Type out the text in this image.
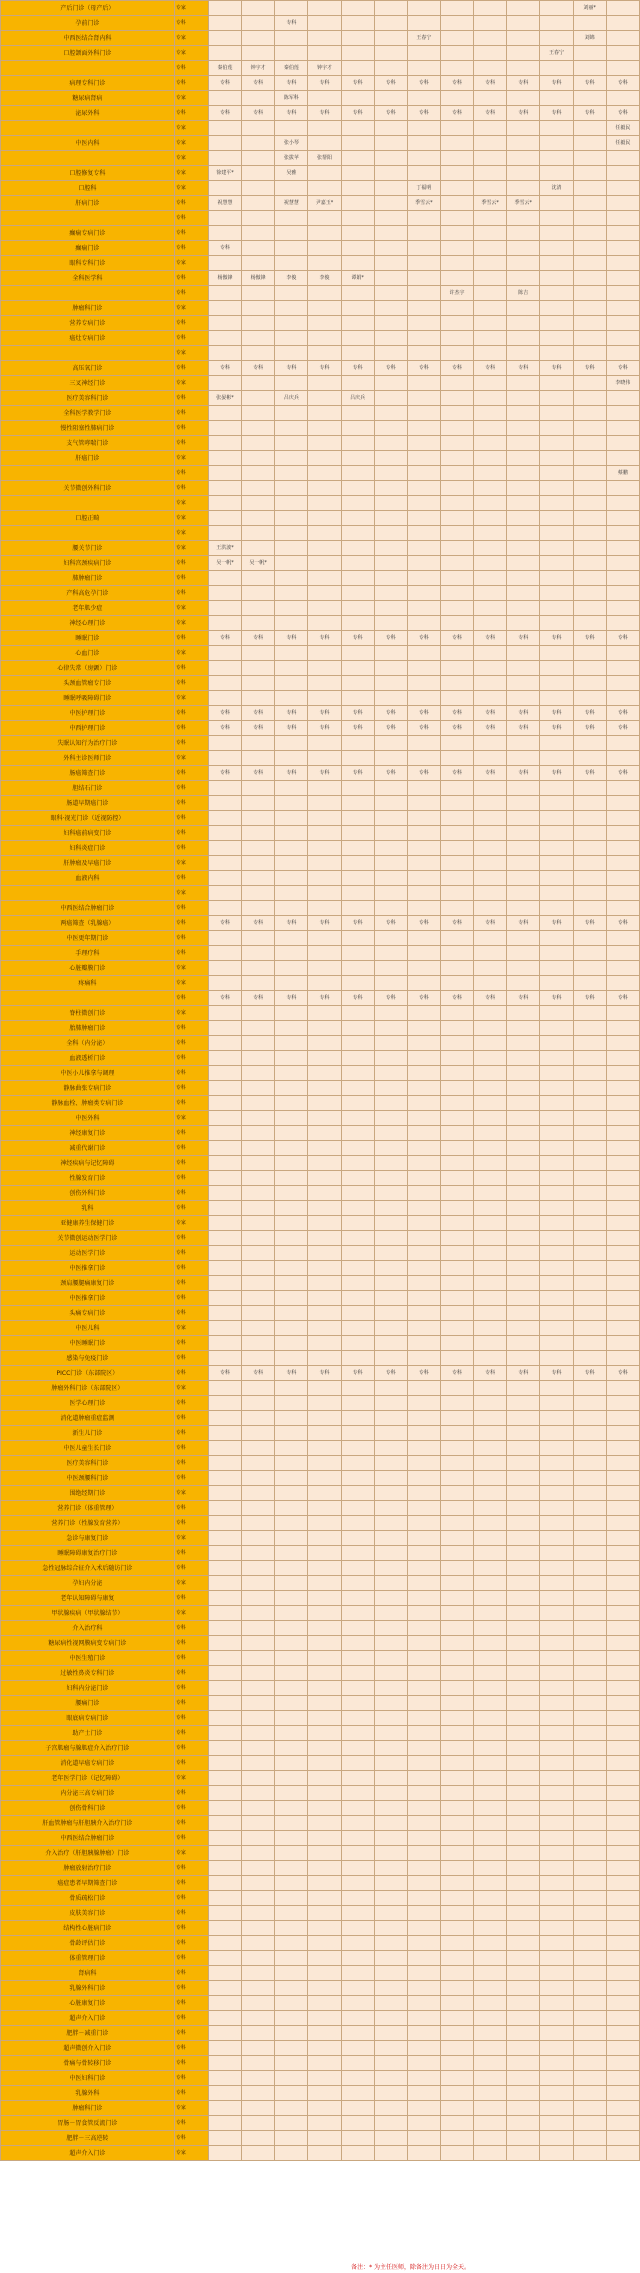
产后门诊（母产后）	专家												刘丽*	
孕前门诊	专科			专科										
中西医结合肾内科	专家							王春宁					刘锦	
口腔颌面外科门诊	专家											王春宁		
	专科	秦伯莲	钟宇才	秦伯莲	钟宇才									
病理专科门诊	专科	专科	专科	专科	专科	专科	专科	专科	专科	专科	专科	专科	专科	专科
糖尿病肾病	专家			陈军科										
泌尿外科	专科	专科	专科	专科	专科	专科	专科	专科	专科	专科	专科	专科	专科	专科
	专家													任毅民
中医内科	专家			张小琴										任毅民
	专家			张拔苹	张帮阳									
口腔修复专科	专家	徐建平*		吴雅										
口腔科	专家							丁福明				沈清		
肝病门诊	专科	祝慧慧		祝慧慧	尹嘉玉*			季雪云*		季雪云*	季雪云*			
	专科													
癫痫专病门诊	专科													
癫痫门诊	专科	专科												
眼科专科门诊	专家													
全科医学科	专科	杨傲锋	杨傲锋	李俊	李俊	谭娟*								
	专科								许杰宇		陈吉			
肿瘤科门诊	专家													
营养专病门诊	专科													
癌灶专病门诊	专科													
	专家													
高压氧门诊	专科	专科	专科	专科	专科	专科	专科	专科	专科	专科	专科	专科	专科	专科
三叉神经门诊	专家													李晓伟
医疗美容科门诊	专科	张晏彬*		吕庆兵		吕庆兵								
全科医学教学门诊	专科													
慢性阻塞性肺病门诊	专科													
支气管哮喘门诊	专科													
肝癌门诊	专家													
	专科													蔡鹏
关节微创外科门诊	专科													
	专家													
口腔正畸	专家													
	专家													
腰关节门诊	专家	王洪波*												
妇科宫颈疾病门诊	专科	吴一帆*	吴一帆*											
肺肿瘤门诊	专科													
产科高危孕门诊	专科													
老年肌少症	专家													
神经心理门诊	专家													
睡眠门诊	专科	专科	专科	专科	专科	专科	专科	专科	专科	专科	专科	专科	专科	专科
心血门诊	专家													
心律失常（房颤）门诊	专科													
头颈血管瘤专门诊	专科													
睡眠呼吸障碍门诊	专家													
中医护理门诊	专科	专科	专科	专科	专科	专科	专科	专科	专科	专科	专科	专科	专科	专科
中西护理门诊	专科	专科	专科	专科	专科	专科	专科	专科	专科	专科	专科	专科	专科	专科
失眠认知行为治疗门诊	专科													
外科主诊医师门诊	专家													
肠癌筛查门诊	专科	专科	专科	专科	专科	专科	专科	专科	专科	专科	专科	专科	专科	专科
胆结石门诊	专科													
肠道早期癌门诊	专科													
眼科·视光门诊（近视防控）	专科													
妇科癌前病变门诊	专科													
妇科炎症门诊	专科													
肝肿瘤及早癌门诊	专家													
血液内科	专科													
	专家													
中西医结合肿瘤门诊	专科													
两癌筛查（乳腺癌）	专科	专科	专科	专科	专科	专科	专科	专科	专科	专科	专科	专科	专科	专科
中医更年期门诊	专科													
手理疗科	专科													
心脏瓣膜门诊	专家													
疼痛科	专家													
	专科	专科	专科	专科	专科	专科	专科	专科	专科	专科	专科	专科	专科	专科
脊柱微创门诊	专家													
胎肺肿瘤门诊	专科													
全科（内分泌）	专科													
血液透析门诊	专科													
中医小儿推拿与调理	专科													
静脉曲张专病门诊	专科													
静脉血栓、肿瘤类专病门诊	专科													
中医外科	专家													
神经康复门诊	专科													
减重代谢门诊	专科													
神经疾病与记忆障碍	专科													
性腺发育门诊	专科													
创伤外科门诊	专科													
乳科	专科													
亚健康养生保健门诊	专家													
关节微创运动医学门诊	专科													
运动医学门诊	专科													
中医推拿门诊	专科													
颈肩腰腿痛康复门诊	专科													
中医推拿门诊	专科													
头痛专病门诊	专科													
中医儿科	专家													
中医睡眠门诊	专科													
感染与免疫门诊	专科													
PICC门诊（东部院区）	专科	专科	专科	专科	专科	专科	专科	专科	专科	专科	专科	专科	专科	专科
肿瘤外科门诊（东部院区）	专家													
医学心理门诊	专科													
消化道肿瘤重症监测	专科													
新生儿门诊	专科													
中医儿童生长门诊	专科													
医疗美容科门诊	专科													
中医颈腰科门诊	专科													
围绝经期门诊	专家													
营养门诊（体重管理）	专科													
营养门诊（性腺发育营养）	专科													
急诊与康复门诊	专家													
睡眠障碍康复治疗门诊	专科													
急性冠脉综合征介入术后随访门诊	专科													
孕妇内分泌	专家													
老年认知障碍与康复	专科													
甲状腺疾病（甲状腺结节）	专家													
介入治疗科	专科													
糖尿病性视网膜病变专病门诊	专科													
中医生殖门诊	专科													
过敏性鼻炎专科门诊	专科													
妇科内分泌门诊	专科													
腰痛门诊	专科													
眼底病专病门诊	专科													
助产士门诊	专科													
子宫肌瘤与腺肌症介入治疗门诊	专科													
消化道早癌专病门诊	专科													
老年医学门诊（记忆障碍）	专家													
内分泌三高专病门诊	专科													
创伤骨科门诊	专科													
肝血管肿瘤与肝胆胰介入治疗门诊	专科													
中西医结合肿瘤门诊	专科													
介入治疗（肝胆胰腺肿瘤）门诊	专家													
肿瘤放射治疗门诊	专科													
癌症患者早期筛查门诊	专科													
骨质疏松门诊	专科													
皮肤美容门诊	专科													
结构性心脏病门诊	专科													
骨龄评估门诊	专科													
体重管理门诊	专科													
肾病科	专科													
乳腺外科门诊	专科													
心脏康复门诊	专科													
超声介入门诊	专科													
肥胖－减重门诊	专科													
超声微创介入门诊	专科													
骨痛与骨转移门诊	专科													
中医妇科门诊	专科													
乳腺外科	专科													
肿瘤科门诊	专家													
胃肠－胃食管反流门诊	专科													
肥胖－三高逆转	专科													
超声介入门诊	专家													
备注：* 为主任医师，除备注为日日为全天。
